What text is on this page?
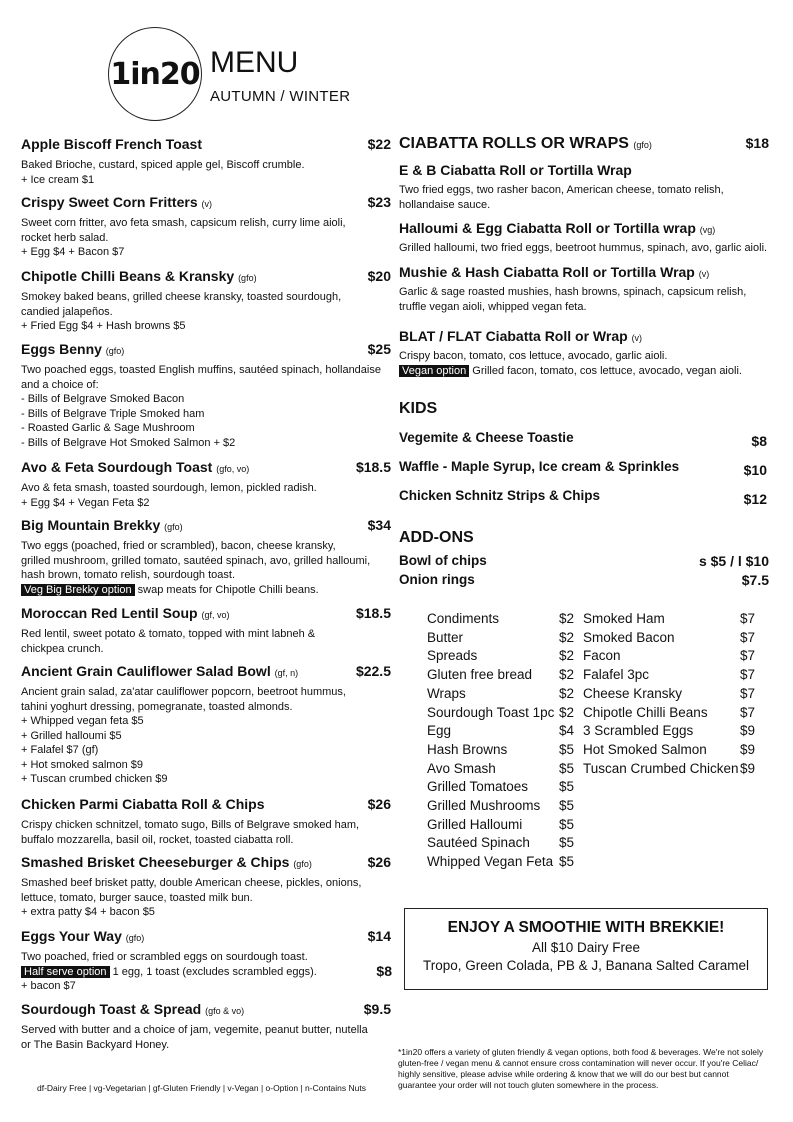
1in20 MENU
AUTUMN / WINTER
Apple Biscoff French Toast	$22
Baked Brioche, custard, spiced apple gel, Biscoff crumble.
+ Ice cream $1
Crispy Sweet Corn Fritters (v)	$23
Sweet corn fritter, avo feta smash, capsicum relish, curry lime aioli,
rocket herb salad.
+ Egg $4 + Bacon $7
Chipotle Chilli Beans & Kransky (gfo)	$20
Smokey baked beans, grilled cheese kransky, toasted sourdough,
candied jalapeños.
+ Fried Egg $4 + Hash browns $5
Eggs Benny (gfo)	$25
Two poached eggs, toasted English muffins, sautéed spinach, hollandaise
and a choice of:
- Bills of Belgrave Smoked Bacon
- Bills of Belgrave Triple Smoked ham
- Roasted Garlic & Sage Mushroom
- Bills of Belgrave Hot Smoked Salmon + $2
Avo & Feta Sourdough Toast (gfo, vo)	$18.5
Avo & feta smash, toasted sourdough, lemon, pickled radish.
+ Egg $4 + Vegan Feta $2
Big Mountain Brekky (gfo)	$34
Two eggs (poached, fried or scrambled), bacon, cheese kransky,
grilled mushroom, grilled tomato, sautéed spinach, avo, grilled halloumi,
hash brown, tomato relish, sourdough toast.
Veg Big Brekky option swap meats for Chipotle Chilli beans.
Moroccan Red Lentil Soup (gf, vo)	$18.5
Red lentil, sweet potato & tomato, topped with mint labneh &
chickpea crunch.
Ancient Grain Cauliflower Salad Bowl (gf, n)	$22.5
Ancient grain salad, za'atar cauliflower popcorn, beetroot hummus,
tahini yoghurt dressing, pomegranate, toasted almonds.
+ Whipped vegan feta $5
+ Grilled halloumi $5
+ Falafel $7 (gf)
+ Hot smoked salmon $9
+ Tuscan crumbed chicken $9
Chicken Parmi Ciabatta Roll & Chips	$26
Crispy chicken schnitzel, tomato sugo, Bills of Belgrave smoked ham,
buffalo mozzarella, basil oil, rocket, toasted ciabatta roll.
Smashed Brisket Cheeseburger & Chips (gfo)	$26
Smashed beef brisket patty, double American cheese, pickles, onions,
lettuce, tomato, burger sauce, toasted milk bun.
+ extra patty $4 + bacon $5
Eggs Your Way (gfo)	$14
Two poached, fried or scrambled eggs on sourdough toast.
Half serve option 1 egg, 1 toast (excludes scrambled eggs).	$8
+ bacon $7
Sourdough Toast & Spread (gfo & vo)	$9.5
Served with butter and a choice of jam, vegemite, peanut butter, nutella
or The Basin Backyard Honey.
df-Dairy Free | vg-Vegetarian | gf-Gluten Friendly | v-Vegan | o-Option | n-Contains Nuts
CIABATTA ROLLS OR WRAPS (gfo)	$18
E & B Ciabatta Roll or Tortilla Wrap
Two fried eggs, two rasher bacon, American cheese, tomato relish,
hollandaise sauce.
Halloumi & Egg Ciabatta Roll or Tortilla wrap (vg)
Grilled halloumi, two fried eggs, beetroot hummus, spinach, avo, garlic aioli.
Mushie & Hash Ciabatta Roll or Tortilla Wrap (v)
Garlic & sage roasted mushies, hash browns, spinach, capsicum relish,
truffle vegan aioli, whipped vegan feta.
BLAT / FLAT Ciabatta Roll or Wrap (v)
Crispy bacon, tomato, cos lettuce, avocado, garlic aioli.
Vegan option Grilled facon, tomato, cos lettuce, avocado, vegan aioli.
KIDS
Vegemite & Cheese Toastie	$8
Waffle - Maple Syrup, Ice cream & Sprinkles	$10
Chicken Schnitz Strips & Chips	$12
ADD-ONS
Bowl of chips	s $5 / l $10
Onion rings	$7.5
Condiments	$2
Butter	$2
Spreads	$2
Gluten free bread	$2
Wraps	$2
Sourdough Toast 1pc $2
Egg	$4
Hash Browns	$5
Avo Smash	$5
Grilled Tomatoes	$5
Grilled Mushrooms	$5
Grilled Halloumi	$5
Sautéed Spinach	$5
Whipped Vegan Feta $5
Smoked Ham	$7
Smoked Bacon	$7
Facon	$7
Falafel 3pc	$7
Cheese Kransky	$7
Chipotle Chilli Beans	$7
3 Scrambled Eggs	$9
Hot Smoked Salmon	$9
Tuscan Crumbed Chicken $9
ENJOY A SMOOTHIE WITH BREKKIE!
All $10 Dairy Free
Tropo, Green Colada, PB & J, Banana Salted Caramel
*1in20 offers a variety of gluten friendly & vegan options, both food & beverages. We're not solely
gluten-free / vegan menu & cannot ensure cross contamination will never occur. If you're Celiac/
highly sensitive, please advise while ordering & know that we will do our best but cannot
guarantee your order will not touch gluten somewhere in the process.
